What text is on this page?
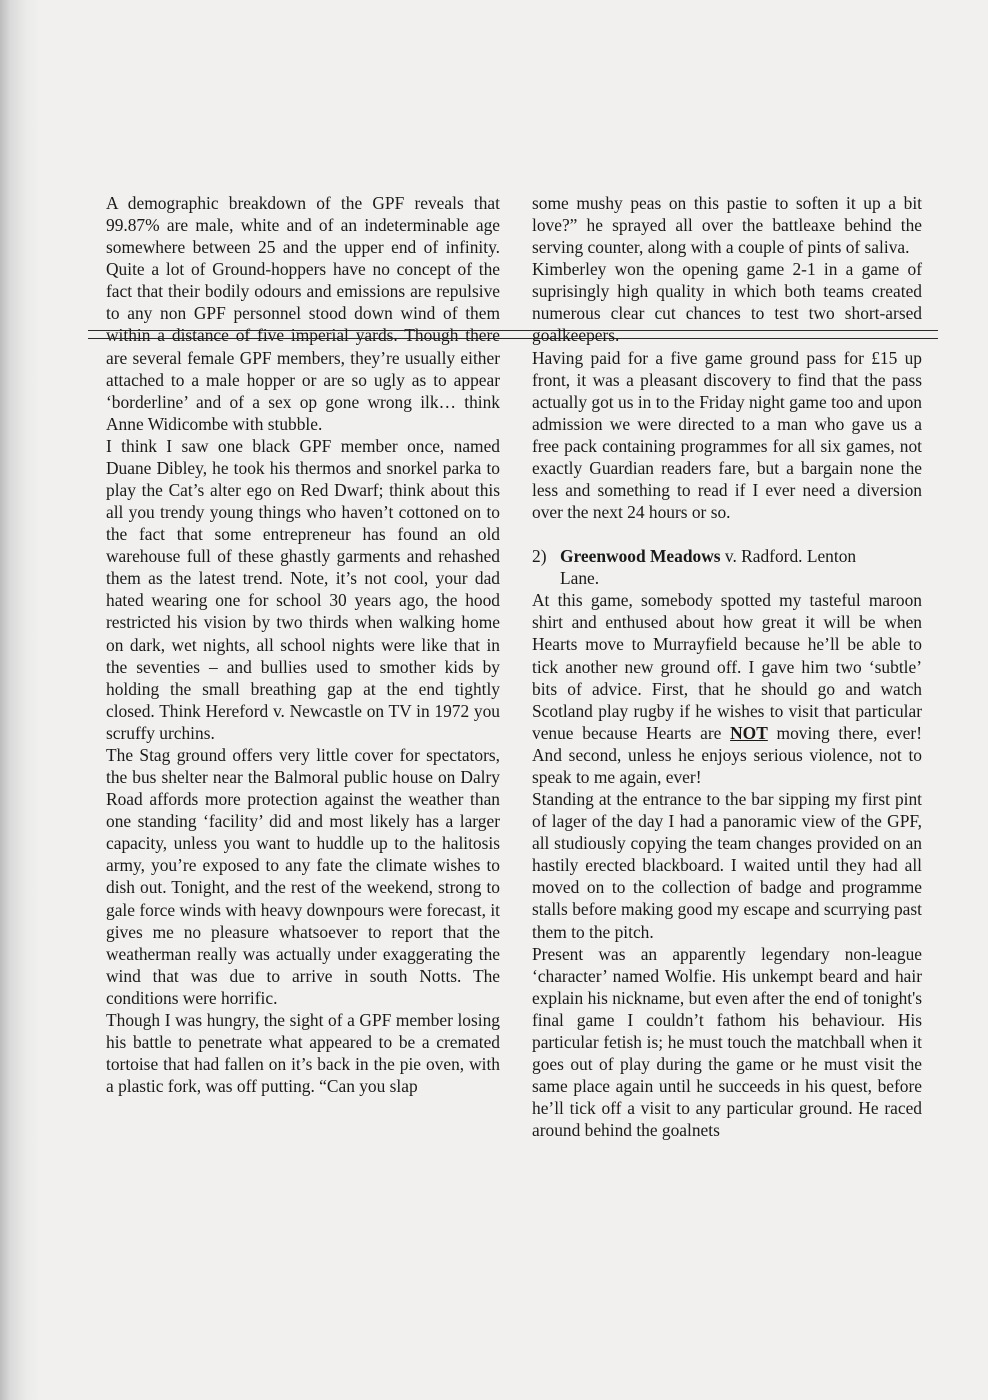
A demographic breakdown of the GPF reveals that 99.87% are male, white and of an indeterminable age somewhere between 25 and the upper end of infinity. Quite a lot of Ground-hoppers have no concept of the fact that their bodily odours and emissions are repulsive to any non GPF personnel stood down wind of them within a distance of five imperial yards. Though there are several female GPF members, they’re usually either attached to a male hopper or are so ugly as to appear ‘borderline’ and of a sex op gone wrong ilk… think Anne Widicombe with stubble.

I think I saw one black GPF member once, named Duane Dibley, he took his thermos and snorkel parka to play the Cat’s alter ego on Red Dwarf; think about this all you trendy young things who haven’t cottoned on to the fact that some entrepreneur has found an old warehouse full of these ghastly garments and rehashed them as the latest trend. Note, it’s not cool, your dad hated wearing one for school 30 years ago, the hood restricted his vision by two thirds when walking home on dark, wet nights, all school nights were like that in the seventies – and bullies used to smother kids by holding the small breathing gap at the end tightly closed. Think Hereford v. Newcastle on TV in 1972 you scruffy urchins.

The Stag ground offers very little cover for spectators, the bus shelter near the Balmoral public house on Dalry Road affords more protection against the weather than one standing ‘facility’ did and most likely has a larger capacity, unless you want to huddle up to the halitosis army, you’re exposed to any fate the climate wishes to dish out. Tonight, and the rest of the weekend, strong to gale force winds with heavy downpours were forecast, it gives me no pleasure whatsoever to report that the weatherman really was actually under exaggerating the wind that was due to arrive in south Notts. The conditions were horrific.

Though I was hungry, the sight of a GPF member losing his battle to penetrate what appeared to be a cremated tortoise that had fallen on it’s back in the pie oven, with a plastic fork, was off putting. “Can you slap

some mushy peas on this pastie to soften it up a bit love?” he sprayed all over the battleaxe behind the serving counter, along with a couple of pints of saliva.

Kimberley won the opening game 2-1 in a game of suprisingly high quality in which both teams created numerous clear cut chances to test two short-arsed goalkeepers.

Having paid for a five game ground pass for £15 up front, it was a pleasant discovery to find that the pass actually got us in to the Friday night game too and upon admission we were directed to a man who gave us a free pack containing programmes for all six games, not exactly Guardian readers fare, but a bargain none the less and something to read if I ever need a diversion over the next 24 hours or so.

2) Greenwood Meadows v. Radford. Lenton

Lane.

At this game, somebody spotted my tasteful maroon shirt and enthused about how great it will be when Hearts move to Murrayfield because he’ll be able to tick another new ground off. I gave him two ‘subtle’ bits of advice. First, that he should go and watch Scotland play rugby if he wishes to visit that particular venue because Hearts are NOT moving there, ever! And second, unless he enjoys serious violence, not to speak to me again, ever!

Standing at the entrance to the bar sipping my first pint of lager of the day I had a panoramic view of the GPF, all studiously copying the team changes provided on an hastily erected blackboard. I waited until they had all moved on to the collection of badge and programme stalls before making good my escape and scurrying past them to the pitch.

Present was an apparently legendary non-league ‘character’ named Wolfie. His unkempt beard and hair explain his nickname, but even after the end of tonight's final game I couldn’t fathom his behaviour. His particular fetish is; he must touch the matchball when it goes out of play during the game or he must visit the same place again until he succeeds in his quest, before he’ll tick off a visit to any particular ground. He raced around behind the goalnets
